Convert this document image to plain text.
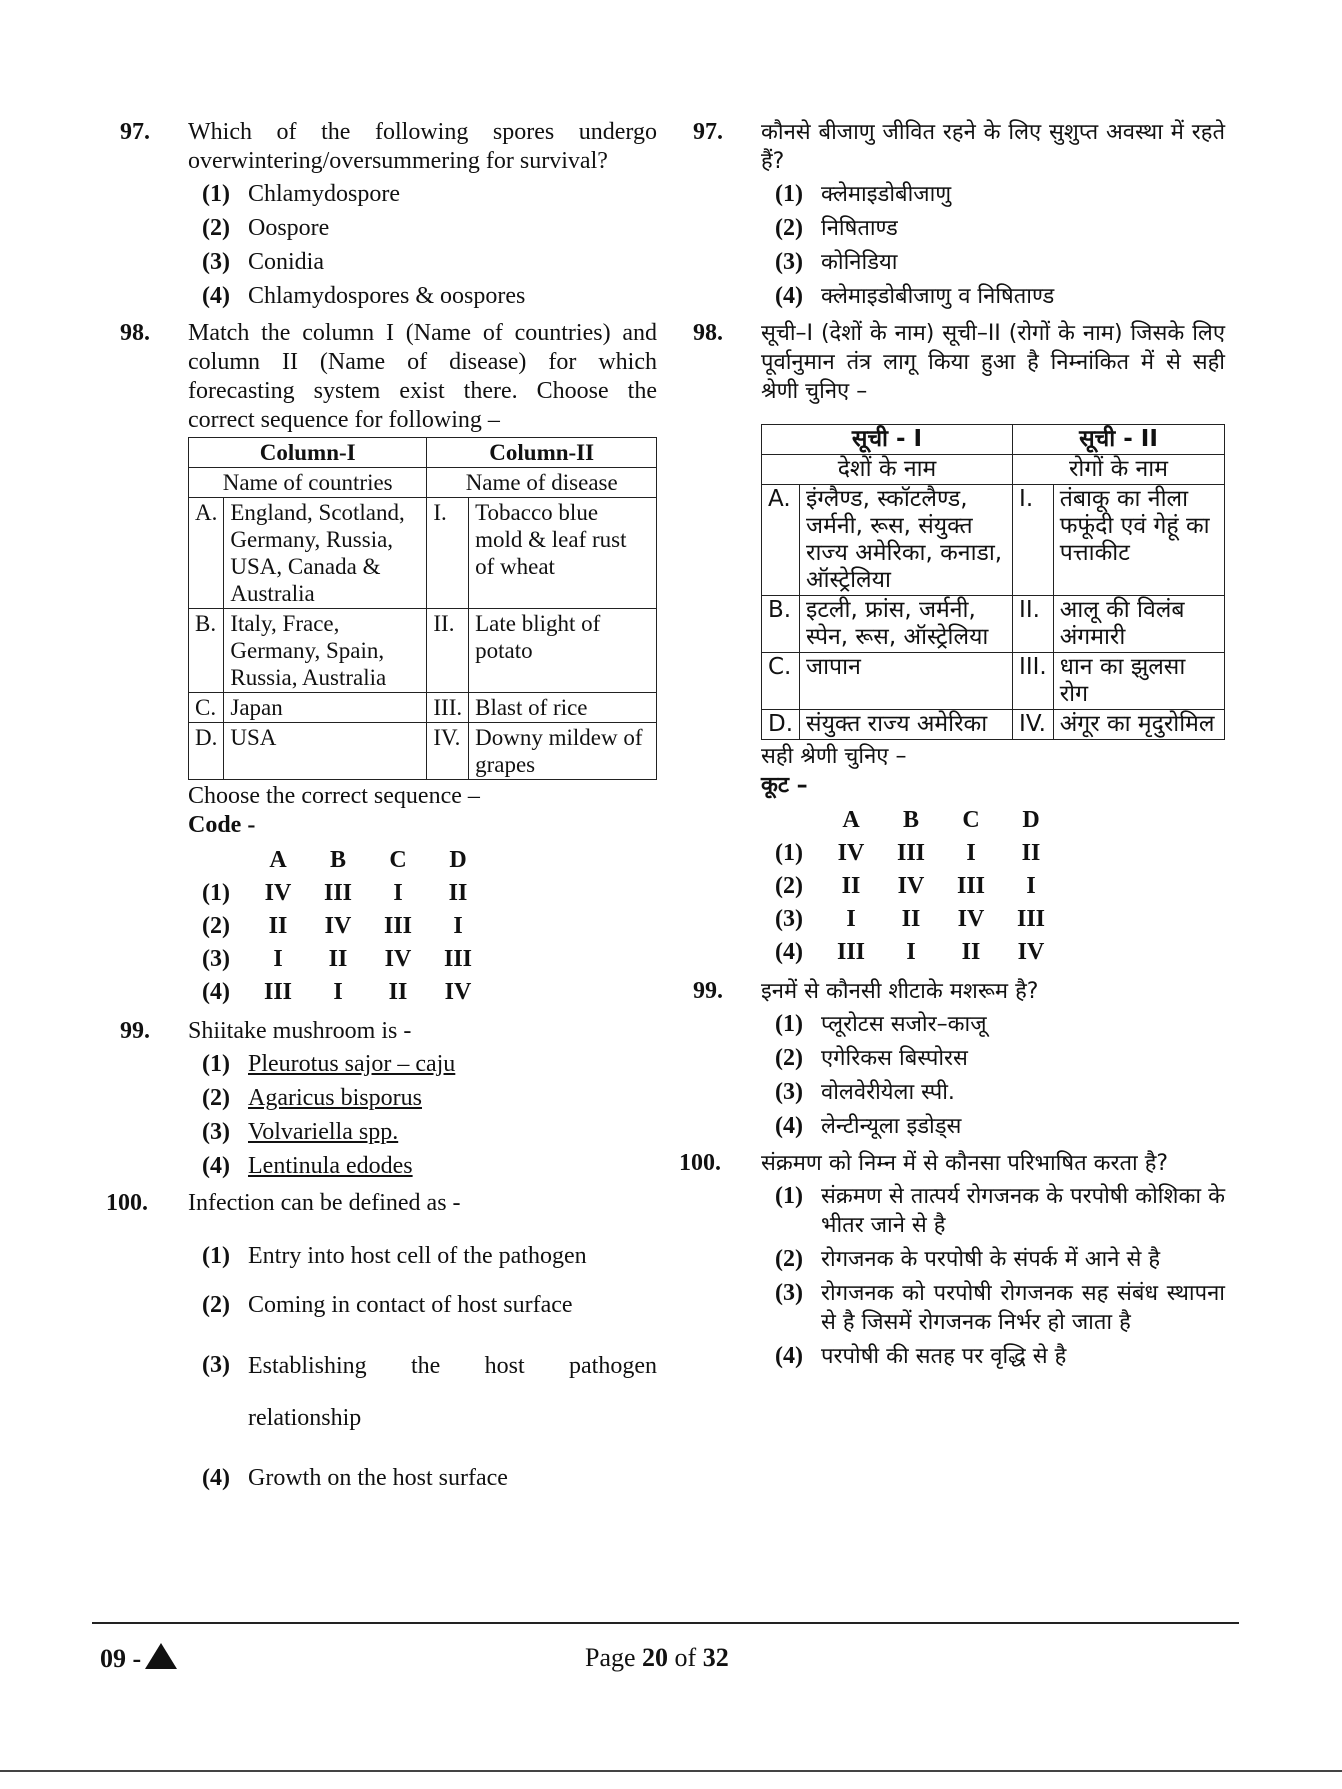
97. Which of the following spores undergo overwintering/oversummering for survival?
(1) Chlamydospore
(2) Oospore
(3) Conidia
(4) Chlamydospores & oospores
98. Match the column I (Name of countries) and column II (Name of disease) for which forecasting system exist there. Choose the correct sequence for following –
Column-I		Column-II	
Name of countries		Name of disease	
A.	England, Scotland, Germany, Russia, USA, Canada & Australia	I.	Tobacco blue mold & leaf rust of wheat
B.	Italy, Frace, Germany, Spain, Russia, Australia	II.	Late blight of potato
C.	Japan	III.	Blast of rice
D.	USA	IV.	Downy mildew of grapes
Choose the correct sequence –
Code -
	A	B	C	D
(1)	IV	III	I	II
(2)	II	IV	III	I
(3)	I	II	IV	III
(4)	III	I	II	IV
99. Shiitake mushroom is -
(1) Pleurotus sajor – caju
(2) Agaricus bisporus
(3) Volvariella spp.
(4) Lentinula edodes
100. Infection can be defined as -
(1) Entry into host cell of the pathogen
(2) Coming in contact of host surface
(3) Establishing the host pathogen relationship
(4) Growth on the host surface
97. कौनसे बीजाणु जीवित रहने के लिए सुशुप्त अवस्था में रहते हैं?
(1) क्लेमाइडोबीजाणु
(2) निषिताण्ड
(3) कोनिडिया
(4) क्लेमाइडोबीजाणु व निषिताण्ड
98. सूची–I (देशों के नाम) सूची–II (रोगों के नाम) जिसके लिए पूर्वानुमान तंत्र लागू किया हुआ है निम्नांकित में से सही श्रेणी चुनिए –
सूची - I		सूची - II	
देशों के नाम		रोगों के नाम	
A.	इंग्लैण्ड, स्कॉटलैण्ड, जर्मनी, रूस, संयुक्त राज्य अमेरिका, कनाडा, ऑस्ट्रेलिया	I.	तंबाकू का नीला फफूंदी एवं गेहूं का पत्ताकीट
B.	इटली, फ्रांस, जर्मनी, स्पेन, रूस, ऑस्ट्रेलिया	II.	आलू की विलंब अंगमारी
C.	जापान	III.	धान का झुलसा रोग
D.	संयुक्त राज्य अमेरिका	IV.	अंगूर का मृदुरोमिल
सही श्रेणी चुनिए –
कूट –
	A	B	C	D
(1)	IV	III	I	II
(2)	II	IV	III	I
(3)	I	II	IV	III
(4)	III	I	II	IV
99. इनमें से कौनसी शीटाके मशरूम है?
(1) प्लूरोटस सजोर–काजू
(2) एगेरिकस बिस्पोरस
(3) वोलवेरीयेला स्पी.
(4) लेन्टीन्यूला इडोड्स
100. संक्रमण को निम्न में से कौनसा परिभाषित करता है?
(1) संक्रमण से तात्पर्य रोगजनक के परपोषी कोशिका के भीतर जाने से है
(2) रोगजनक के परपोषी के संपर्क में आने से है
(3) रोगजनक को परपोषी रोगजनक सह संबंध स्थापना से है जिसमें रोगजनक निर्भर हो जाता है
(4) परपोषी की सतह पर वृद्धि से है
09 -	Page 20 of 32
